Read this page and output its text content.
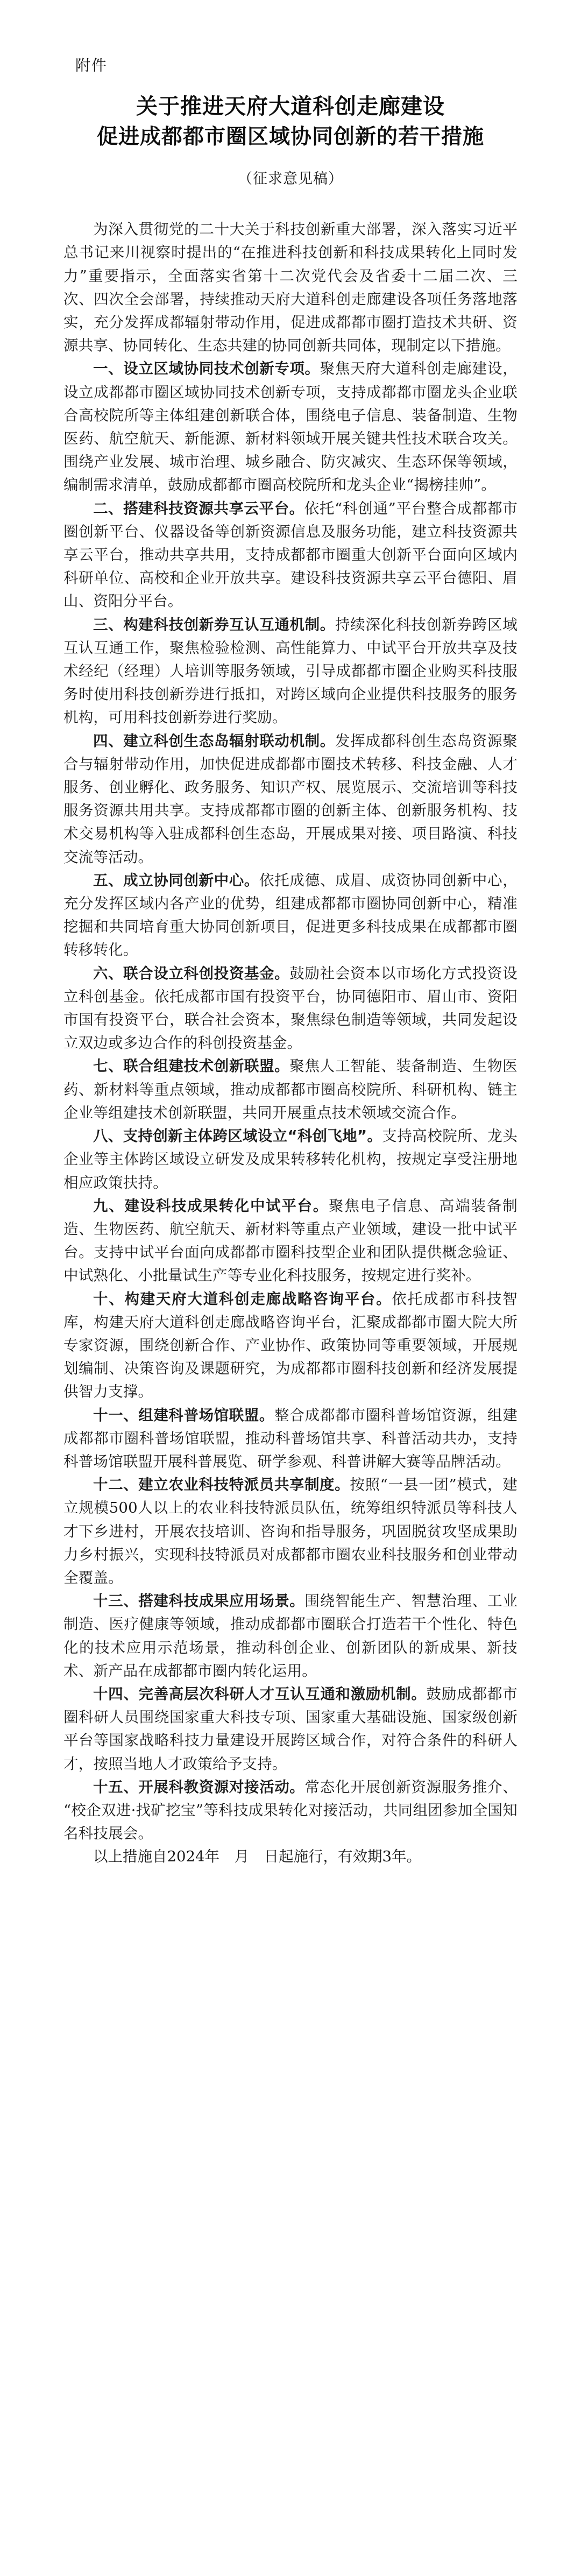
附件
关于推进天府大道科创走廊建设
促进成都都市圈区域协同创新的若干措施
（征求意见稿）

为深入贯彻党的二十大关于科技创新重大部署，深入落实习近平总书记来川视察时提出的“在推进科技创新和科技成果转化上同时发力”重要指示，全面落实省第十二次党代会及省委十二届二次、三次、四次全会部署，持续推动天府大道科创走廊建设各项任务落地落实，充分发挥成都辐射带动作用，促进成都都市圈打造技术共研、资源共享、协同转化、生态共建的协同创新共同体，现制定以下措施。

一、设立区域协同技术创新专项。聚焦天府大道科创走廊建设，设立成都都市圈区域协同技术创新专项，支持成都都市圈龙头企业联合高校院所等主体组建创新联合体，围绕电子信息、装备制造、生物医药、航空航天、新能源、新材料领域开展关键共性技术联合攻关。围绕产业发展、城市治理、城乡融合、防灾减灾、生态环保等领域，编制需求清单，鼓励成都都市圈高校院所和龙头企业“揭榜挂帅”。

二、搭建科技资源共享云平台。依托“科创通”平台整合成都都市圈创新平台、仪器设备等创新资源信息及服务功能，建立科技资源共享云平台，推动共享共用，支持成都都市圈重大创新平台面向区域内科研单位、高校和企业开放共享。建设科技资源共享云平台德阳、眉山、资阳分平台。

三、构建科技创新券互认互通机制。持续深化科技创新券跨区域互认互通工作，聚焦检验检测、高性能算力、中试平台开放共享及技术经纪（经理）人培训等服务领域，引导成都都市圈企业购买科技服务时使用科技创新券进行抵扣，对跨区域向企业提供科技服务的服务机构，可用科技创新券进行奖励。

四、建立科创生态岛辐射联动机制。发挥成都科创生态岛资源聚合与辐射带动作用，加快促进成都都市圈技术转移、科技金融、人才服务、创业孵化、政务服务、知识产权、展览展示、交流培训等科技服务资源共用共享。支持成都都市圈的创新主体、创新服务机构、技术交易机构等入驻成都科创生态岛，开展成果对接、项目路演、科技交流等活动。

五、成立协同创新中心。依托成德、成眉、成资协同创新中心，充分发挥区域内各产业的优势，组建成都都市圈协同创新中心，精准挖掘和共同培育重大协同创新项目，促进更多科技成果在成都都市圈转移转化。

六、联合设立科创投资基金。鼓励社会资本以市场化方式投资设立科创基金。依托成都市国有投资平台，协同德阳市、眉山市、资阳市国有投资平台，联合社会资本，聚焦绿色制造等领域，共同发起设立双边或多边合作的科创投资基金。

七、联合组建技术创新联盟。聚焦人工智能、装备制造、生物医药、新材料等重点领域，推动成都都市圈高校院所、科研机构、链主企业等组建技术创新联盟，共同开展重点技术领域交流合作。

八、支持创新主体跨区域设立“科创飞地”。支持高校院所、龙头企业等主体跨区域设立研发及成果转移转化机构，按规定享受注册地相应政策扶持。

九、建设科技成果转化中试平台。聚焦电子信息、高端装备制造、生物医药、航空航天、新材料等重点产业领域，建设一批中试平台。支持中试平台面向成都都市圈科技型企业和团队提供概念验证、中试熟化、小批量试生产等专业化科技服务，按规定进行奖补。

十、构建天府大道科创走廊战略咨询平台。依托成都市科技智库，构建天府大道科创走廊战略咨询平台，汇聚成都都市圈大院大所专家资源，围绕创新合作、产业协作、政策协同等重要领域，开展规划编制、决策咨询及课题研究，为成都都市圈科技创新和经济发展提供智力支撑。

十一、组建科普场馆联盟。整合成都都市圈科普场馆资源，组建成都都市圈科普场馆联盟，推动科普场馆共享、科普活动共办，支持科普场馆联盟开展科普展览、研学参观、科普讲解大赛等品牌活动。

十二、建立农业科技特派员共享制度。按照“一县一团”模式，建立规模500人以上的农业科技特派员队伍，统筹组织特派员等科技人才下乡进村，开展农技培训、咨询和指导服务，巩固脱贫攻坚成果助力乡村振兴，实现科技特派员对成都都市圈农业科技服务和创业带动全覆盖。

十三、搭建科技成果应用场景。围绕智能生产、智慧治理、工业制造、医疗健康等领域，推动成都都市圈联合打造若干个性化、特色化的技术应用示范场景，推动科创企业、创新团队的新成果、新技术、新产品在成都都市圈内转化运用。

十四、完善高层次科研人才互认互通和激励机制。鼓励成都都市圈科研人员围绕国家重大科技专项、国家重大基础设施、国家级创新平台等国家战略科技力量建设开展跨区域合作，对符合条件的科研人才，按照当地人才政策给予支持。

十五、开展科教资源对接活动。常态化开展创新资源服务推介、“校企双进·找矿挖宝”等科技成果转化对接活动，共同组团参加全国知名科技展会。

以上措施自2024年　月　日起施行，有效期3年。
